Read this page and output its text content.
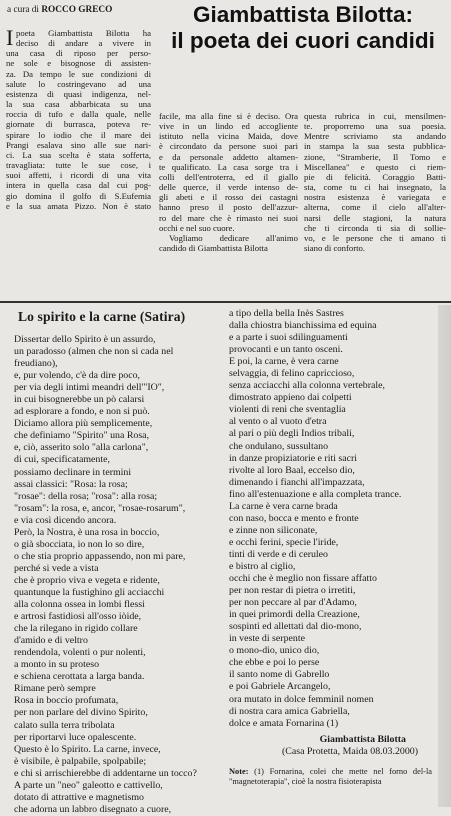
a cura di ROCCO GRECO	Giambattista Bilotta:
il poeta dei cuori candidi
I poeta Giambattista Bilotta ha
deciso di andare a vivere in
una casa di riposo per perso-
ne sole e bisognose di assisten-
za. Da tempo le sue condizioni di
salute lo costringevano ad una
esistenza di quasi indigenza, nel-
la sua casa abbarbicata su una
roccia di tufo e dalla quale, nelle
giornate di burrasca, poteva re-
spirare lo iodio che il mare dei
Prangi esalava sino alle sue nari-
ci. La sua scelta è stata sofferta,
travagliata: tutte le sue cose, i
suoi affetti, i ricordi di una vita
intera in quella casa dal cui pog-
gio domina il golfo di S.Eufemia
e la sua amata Pizzo. Non è stato
facile, ma alla fine si è deciso. Ora
vive in un lindo ed accogliente
istituto nella vicina Maida, dove
è circondato da persone suoi pari
e da personale addetto altamen-
te qualificato. La casa sorge tra i
colli dell'entroterra, ed il giallo
delle querce, il verde intenso de-
gli abeti e il rosso dei castagni
hanno preso il posto dell'azzur-
ro del mare che è rimasto nei suoi
occhi e nel suo cuore.
Vogliamo dedicare all'animo
candido di Giambattista Bilotta
questa rubrica in cui, mensilmen-
te. proporremo una sua poesia.
Mentre scriviamo sta andando
in stampa la sua sesta pubblica-
zione, "Stramberie, Il Tomo e
Miscellanea" e questo ci riem-
pie di felicità. Coraggio Batti-
sta, come tu ci hai insegnato, la
nostra esistenza è variegata e
alterna, come il cielo all'alter-
narsi delle stagioni, la natura
che ti circonda ti sia di sollie-
vo, e le persone che ti amano ti
siano di conforto.
Lo spirito e la carne (Satira)
Dissertar dello Spirito è un assurdo,
un paradosso (almen che non si cada nel
freudiano),
e, pur volendo, c'è da dire poco,
per via degli intimi meandri dell'"IO",
in cui bisognerebbe un pò calarsi
ad esplorare a fondo, e non si può.
Diciamo allora più semplicemente,
che definiamo "Spirito" una Rosa,
e, ciò, asserito solo "alla carlona",
di cui, specificatamente,
possiamo declinare in termini
assai classici: "Rosa: la rosa;
"rosae": della rosa; "rosa": alla rosa;
"rosam": la rosa, e, ancor, "rosae-rosarum",
e via così dicendo ancora.
Però, la Nostra, è una rosa in boccio,
o già sbocciata, io non lo so dire,
o che stia proprio appassendo, non mi pare,
perché si vede a vista
che è proprio viva e vegeta e ridente,
quantunque la fustighino gli acciacchi
alla colonna ossea in lombi flessi
e artrosi fastidiosi all'osso iòide,
che la rilegano in rigido collare
d'amido e di veltro
rendendola, volenti o pur nolenti,
a monto in su proteso
e schiena cerottata a larga banda.
Rimane però sempre
Rosa in boccio profumata,
per non parlare del divino Spirito,
calato sulla terra tribolata
per riportarvi luce opalescente.
Questo è lo Spirito. La carne, invece,
è visibile, è palpabile, spolpabile;
e chi si arrischierebbe di addentarne un tocco?
A parte un "neo" galeotto e cattivello,
dotato di attrattive e magnetismo
che adorna un labbro disegnato a cuore,
a tipo della bella Inès Sastres
dalla chiostra bianchissima ed equina
e a parte i suoi sdilinguamenti
provocanti e un tanto osceni.
E poi, la carne, è vera carne
selvaggia, di felino capriccioso,
senza acciacchi alla colonna vertebrale,
dimostrato appieno dai colpetti
violenti di reni che sventaglia
al vento o al vuoto d'etra
al pari o più degli Indios tribali,
che ondulano, sussultano
in danze propiziatorie e riti sacri
rivolte al loro Baal, eccelso dio,
dimenando i fianchi all'impazzata,
fino all'estenuazione e alla completa trance.
La carne è vera carne brada
con naso, bocca e mento e fronte
e zinne non siliconate,
e occhi ferini, specie l'iride,
tinti di verde e di ceruleo
e bistro al ciglio,
occhi che è meglio non fissare affatto
per non restar di pietra o irretiti,
per non peccare al par d'Adamo,
in quei primordi della Creazione,
sospinti ed allettati dal dio-mono,
in veste di serpente
o mono-dio, unico dio,
che ebbe e poi lo perse
il santo nome di Gabrello
e poi Gabriele Arcangelo,
ora mutato in dolce femminil nomen
di nostra cara amica Gabriella,
dolce e amata Fornarina (1)
Giambattista Bilotta
(Casa Protetta, Maida 08.03.2000)
Note: (1) Fornarina, colei che mette nel forno del-la "magnetoterapia", cioè la nostra fisioterapista
